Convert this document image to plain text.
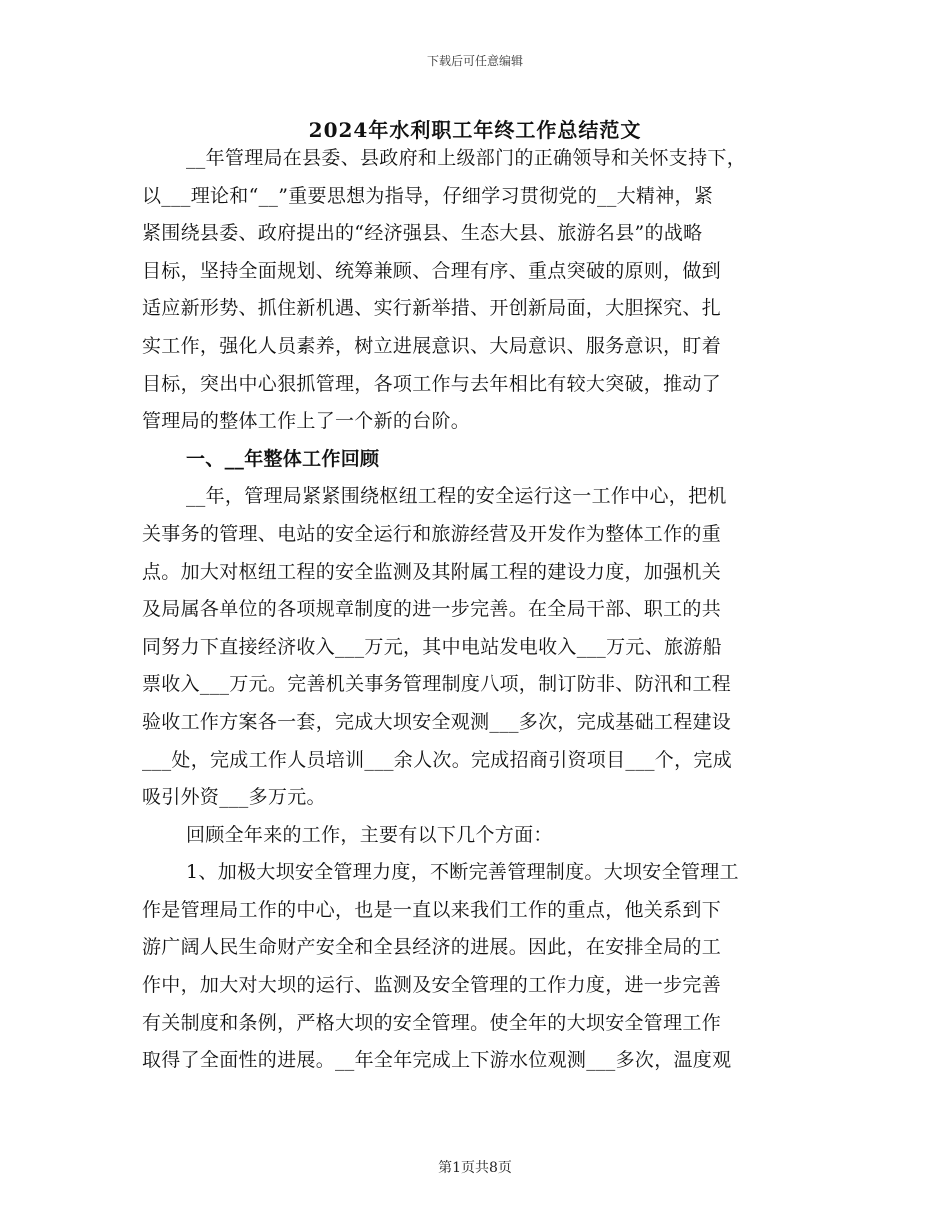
下载后可任意编辑
2024年水利职工年终工作总结范文
__年管理局在县委、县政府和上级部门的正确领导和关怀支持下，
以___理论和“__”重要思想为指导，仔细学习贯彻党的__大精神，紧
紧围绕县委、政府提出的“经济强县、生态大县、旅游名县”的战略
目标，坚持全面规划、统筹兼顾、合理有序、重点突破的原则，做到
适应新形势、抓住新机遇、实行新举措、开创新局面，大胆探究、扎
实工作，强化人员素养，树立进展意识、大局意识、服务意识，盯着
目标，突出中心狠抓管理，各项工作与去年相比有较大突破，推动了
管理局的整体工作上了一个新的台阶。
一、__年整体工作回顾
__年，管理局紧紧围绕枢纽工程的安全运行这一工作中心，把机
关事务的管理、电站的安全运行和旅游经营及开发作为整体工作的重
点。加大对枢纽工程的安全监测及其附属工程的建设力度，加强机关
及局属各单位的各项规章制度的进一步完善。在全局干部、职工的共
同努力下直接经济收入___万元，其中电站发电收入___万元、旅游船
票收入___万元。完善机关事务管理制度八项，制订防非、防汛和工程
验收工作方案各一套，完成大坝安全观测___多次，完成基础工程建设
___处，完成工作人员培训___余人次。完成招商引资项目___个，完成
吸引外资___多万元。
回顾全年来的工作，主要有以下几个方面：
1、加极大坝安全管理力度，不断完善管理制度。大坝安全管理工
作是管理局工作的中心，也是一直以来我们工作的重点，他关系到下
游广阔人民生命财产安全和全县经济的进展。因此，在安排全局的工
作中，加大对大坝的运行、监测及安全管理的工作力度，进一步完善
有关制度和条例，严格大坝的安全管理。使全年的大坝安全管理工作
取得了全面性的进展。__年全年完成上下游水位观测___多次，温度观
第1页共8页
